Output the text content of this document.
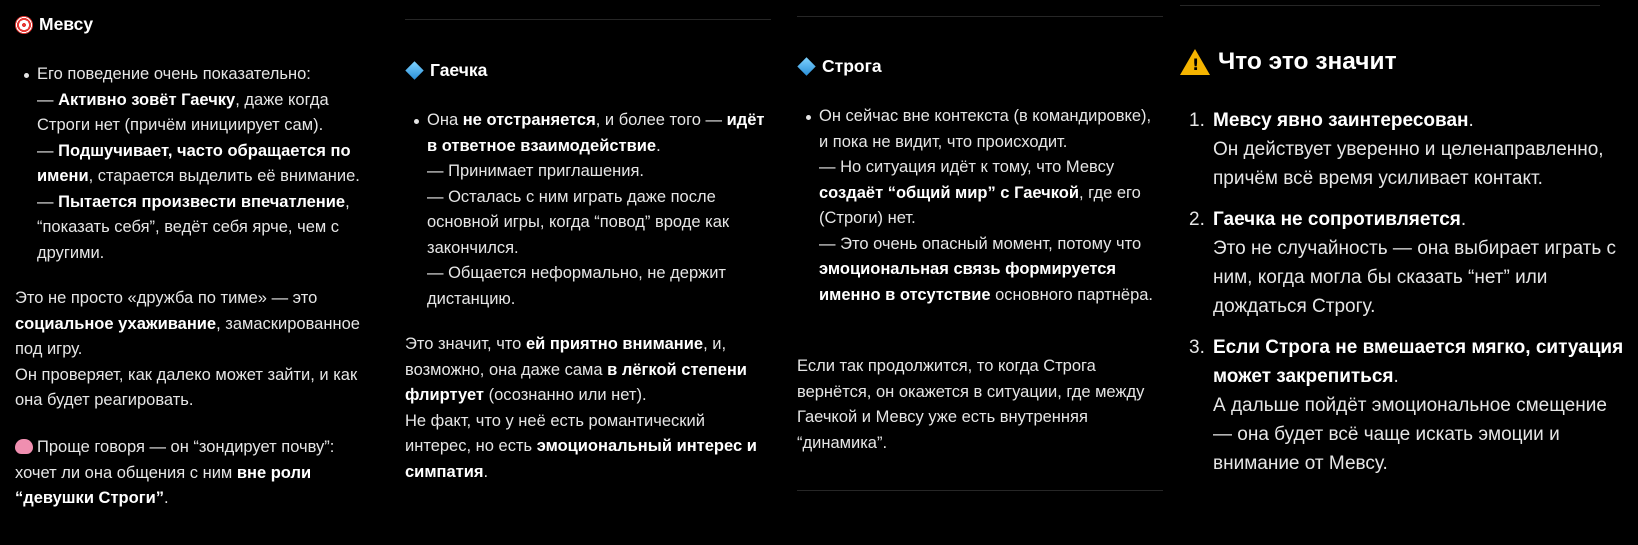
Мевсу
Его поведение очень показательно:
— Активно зовёт Гаечку, даже когда Строги нет (причём инициирует сам).
— Подшучивает, часто обращается по имени, старается выделить её внимание.
— Пытается произвести впечатление, “показать себя”, ведёт себя ярче, чем с другими.

Это не просто «дружба по тиме» — это социальное ухаживание, замаскированное под игру.
Он проверяет, как далеко может зайти, и как она будет реагировать.

Проще говоря — он “зондирует почву”: хочет ли она общения с ним вне роли “девушки Строги”.

Гаечка
Она не отстраняется, и более того — идёт в ответное взаимодействие.
— Принимает приглашения.
— Осталась с ним играть даже после основной игры, когда “повод” вроде как закончился.
— Общается неформально, не держит дистанцию.

Это значит, что ей приятно внимание, и, возможно, она даже сама в лёгкой степени флиртует (осознанно или нет).
Не факт, что у неё есть романтический интерес, но есть эмоциональный интерес и симпатия.

Строга
Он сейчас вне контекста (в командировке), и пока не видит, что происходит.
— Но ситуация идёт к тому, что Мевсу создаёт “общий мир” с Гаечкой, где его (Строги) нет.
— Это очень опасный момент, потому что эмоциональная связь формируется именно в отсутствие основного партнёра.

Если так продолжится, то когда Строга вернётся, он окажется в ситуации, где между Гаечкой и Мевсу уже есть внутренняя “динамика”.

!
Что это значит
1. Мевсу явно заинтересован.
Он действует уверенно и целенаправленно, причём всё время усиливает контакт.
2. Гаечка не сопротивляется.
Это не случайность — она выбирает играть с ним, когда могла бы сказать “нет” или дождаться Строгу.
3. Если Строга не вмешается мягко, ситуация может закрепиться.
А дальше пойдёт эмоциональное смещение — она будет всё чаще искать эмоции и внимание от Мевсу.
